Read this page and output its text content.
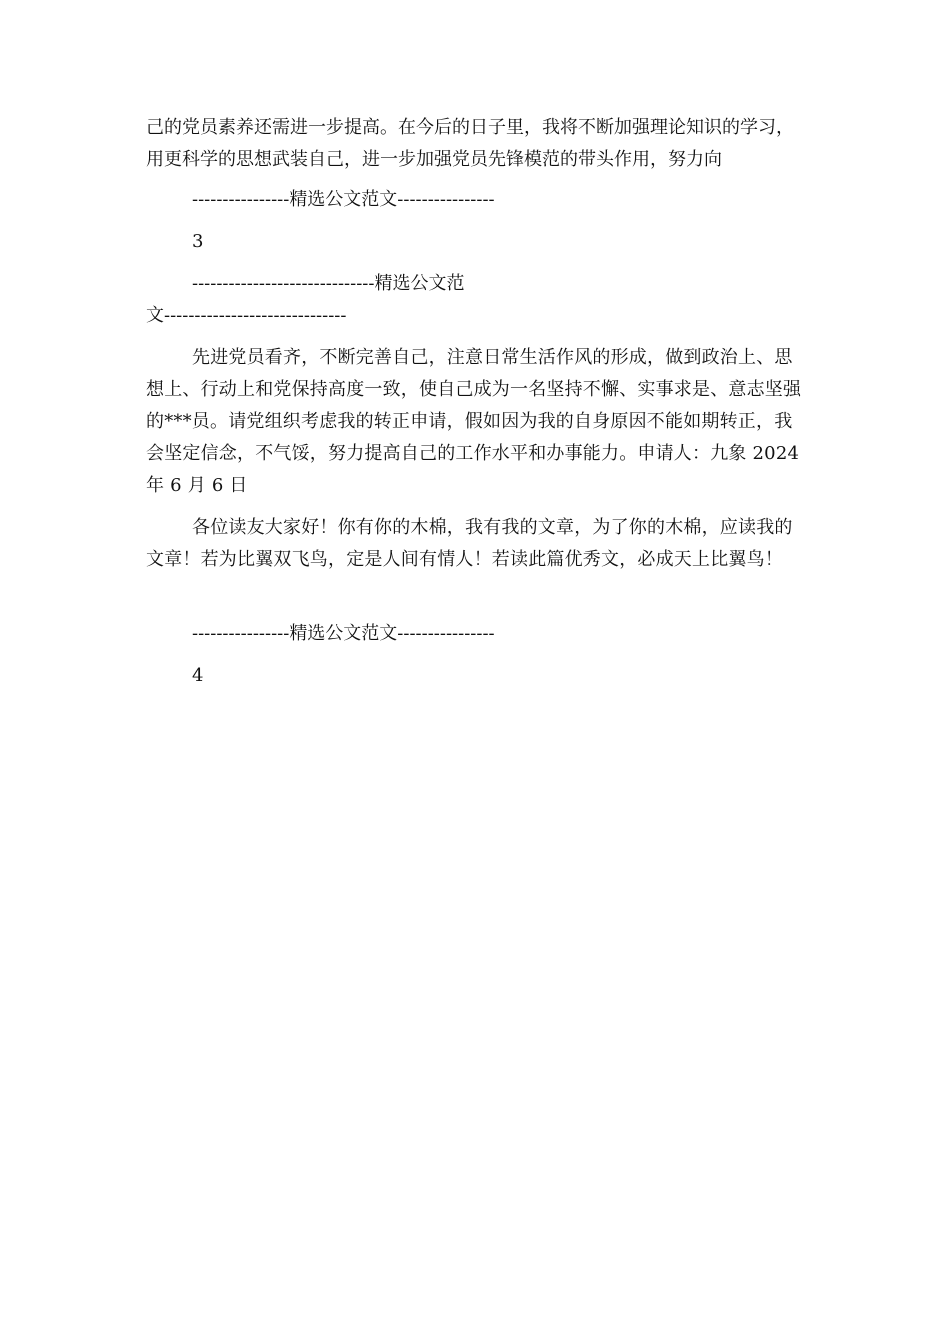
己的党员素养还需进一步提高。在今后的日子里，我将不断加强理论知识的学习，用更科学的思想武装自己，进一步加强党员先锋模范的带头作用，努力向
----------------精选公文范文----------------
3
------------------------------精选公文范
文------------------------------
先进党员看齐，不断完善自己，注意日常生活作风的形成，做到政治上、思想上、行动上和党保持高度一致，使自己成为一名坚持不懈、实事求是、意志坚强的***员。请党组织考虑我的转正申请，假如因为我的自身原因不能如期转正，我会坚定信念，不气馁，努力提高自己的工作水平和办事能力。申请人：九象 2024 年 6 月 6 日
各位读友大家好！你有你的木棉，我有我的文章，为了你的木棉，应读我的文章！若为比翼双飞鸟，定是人间有情人！若读此篇优秀文，必成天上比翼鸟！
----------------精选公文范文----------------
4
